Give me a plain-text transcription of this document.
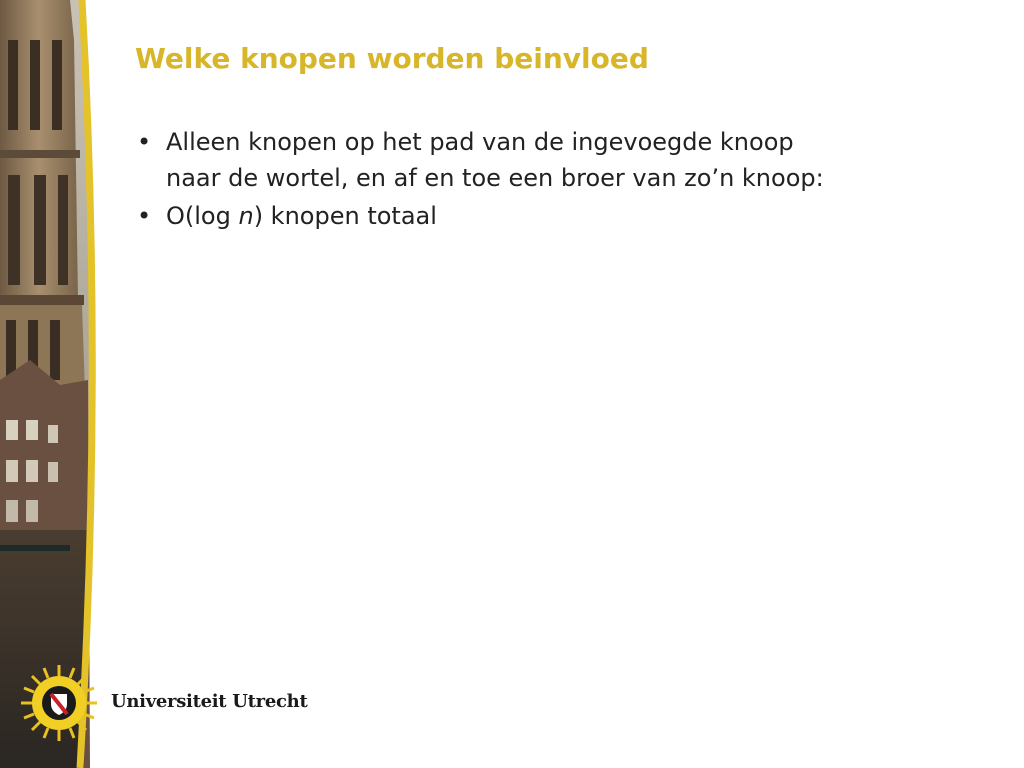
Welke knopen worden beinvloed
• Alleen knopen op het pad van de ingevoegde knoop
naar de wortel, en af en toe een broer van zo’n knoop:
• O(log n) knopen totaal
Universiteit Utrecht
